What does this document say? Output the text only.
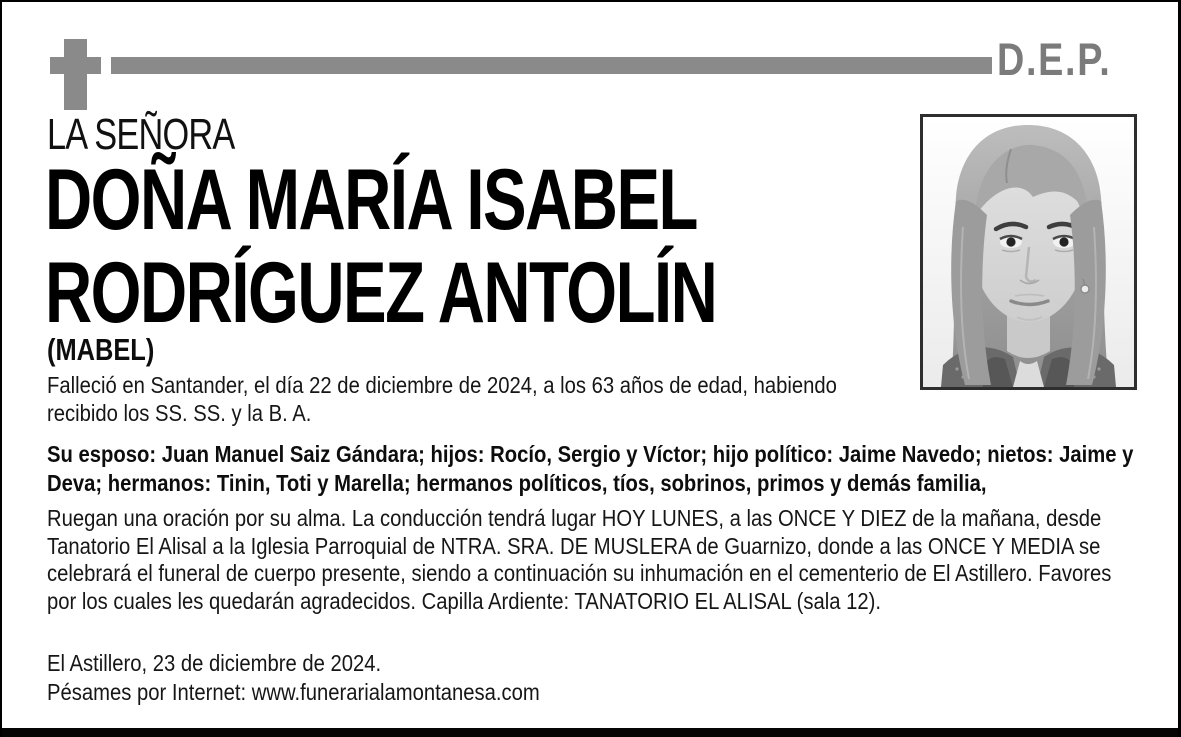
D.E.P.
LA SEÑORA
DOÑA MARÍA ISABEL
RODRÍGUEZ ANTOLÍN
(MABEL)
Falleció en Santander, el día 22 de diciembre de 2024, a los 63 años de edad, habiendo recibido los SS. SS. y la B. A.
Su esposo: Juan Manuel Saiz Gándara; hijos: Rocío, Sergio y Víctor; hijo político: Jaime Navedo; nietos: Jaime y Deva; hermanos: Tinin, Toti y Marella; hermanos políticos, tíos, sobrinos, primos y demás familia,
Ruegan una oración por su alma. La conducción tendrá lugar HOY LUNES, a las ONCE Y DIEZ de la mañana, desde Tanatorio El Alisal a la Iglesia Parroquial de NTRA. SRA. DE MUSLERA de Guarnizo, donde a las ONCE Y MEDIA se celebrará el funeral de cuerpo presente, siendo a continuación su inhumación en el cementerio de El Astillero. Favores por los cuales les quedarán agradecidos. Capilla Ardiente: TANATORIO EL ALISAL (sala 12).
El Astillero, 23 de diciembre de 2024.
Pésames por Internet: www.funerarialamontanesa.com
